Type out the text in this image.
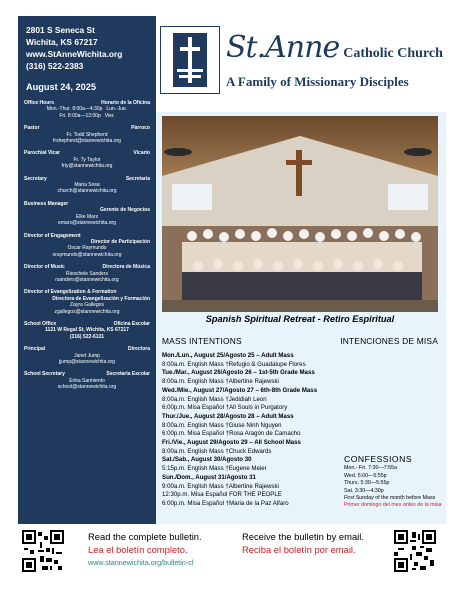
2801 S Seneca St
Wichita, KS 67217
www.StAnneWichita.org
(316) 522-2383
August 24, 2025
Office Hours	Horario de la Oficina
Mon.-Thur. 8:00a—4:30p Lun.-Jue.
Fri. 8:00a—12:00p Vier.
Pastor	Párroco
Fr. Todd Shepherd
frshepherd@stannewichita.org
Parochial Vicar	Vicario
Fr. Ty Taylor
frty@stannewichita.org
Secretary	Secretaria
Maria Sosa
church@stannewichita.org
Business Manager
Gerente de Negocios
Elke Marx
emarx@stannewichita.org
Director of Engagement
Director de Participación
Oscar Raymundo
oraymundo@stannewichita.org
Director of Music	Directora de Música
Rieschele Sanders
rsanders@stannewichita.org
Director of Evangelization & Formation
Directora de Evangelización y Formación
Zayra Gallegos
zgallegos@stannewichita.org
School Office	Oficina Escolar
1121 W Regal St, Wichita, KS 67217
(316) 522-6131
Principal	Directora
Janet Jump
jjump@stannewichita.org
School Secretary	Secretaria Escolar
Erika Sarmiento
school@stannewichita.org
St.Anne Catholic Church
A Family of Missionary Disciples
Spanish Spiritual Retreat - Retiro Espiritual
MASS INTENTIONS	INTENCIONES DE MISA
Mon./Lun., August 25/Agosto 25 – Adult Mass
8:00a.m. English Mass †Refugio & Guadalupe Flores
Tue./Mar., August 26/Agosto 26 – 1st-5th Grade Mass
8:00a.m. English Mass †Albertine Rajewski
Wed./Mie., August 27/Agosto 27 – 6th-8th Grade Mass
8:00a.m. English Mass †Jedidiah Leon
6:00p.m. Misa Español †All Souls in Purgatory
Thur./Jue., August 28/Agosto 28 – Adult Mass
8:00a.m. English Mass †Giuse Ninh Nguyen
6:00p.m. Misa Español †Rosa Aragón de Camacho
Fri./Vie., August 29/Agosto 29 – All School Mass
8:00a.m. English Mass †Chuck Edwards
Sat./Sab., August 30/Agosto 30
5:15p.m. English Mass †Eugene Meier
Sun./Dom., August 31/Agosto 31
9:00a.m. English Mass †Albertine Rajewski
12:30p.m. Misa Español FOR THE PEOPLE
6:00p.m. Misa Español †Maria de la Paz Alfaro
CONFESSIONS
Mon.- Fri. 7:30—7:55a
Wed. 5:00—5:55p
Thurs. 5:30—5:55p
Sat. 3:30—4:30p
First Sunday of the month before Mass
Primer domingo del mes antes de la misa
Read the complete bulletin.
Lea el boletín completo.
www.stannewichita.org/bulletin-cl
Receive the bulletin by email.
Reciba el boletín por email.
